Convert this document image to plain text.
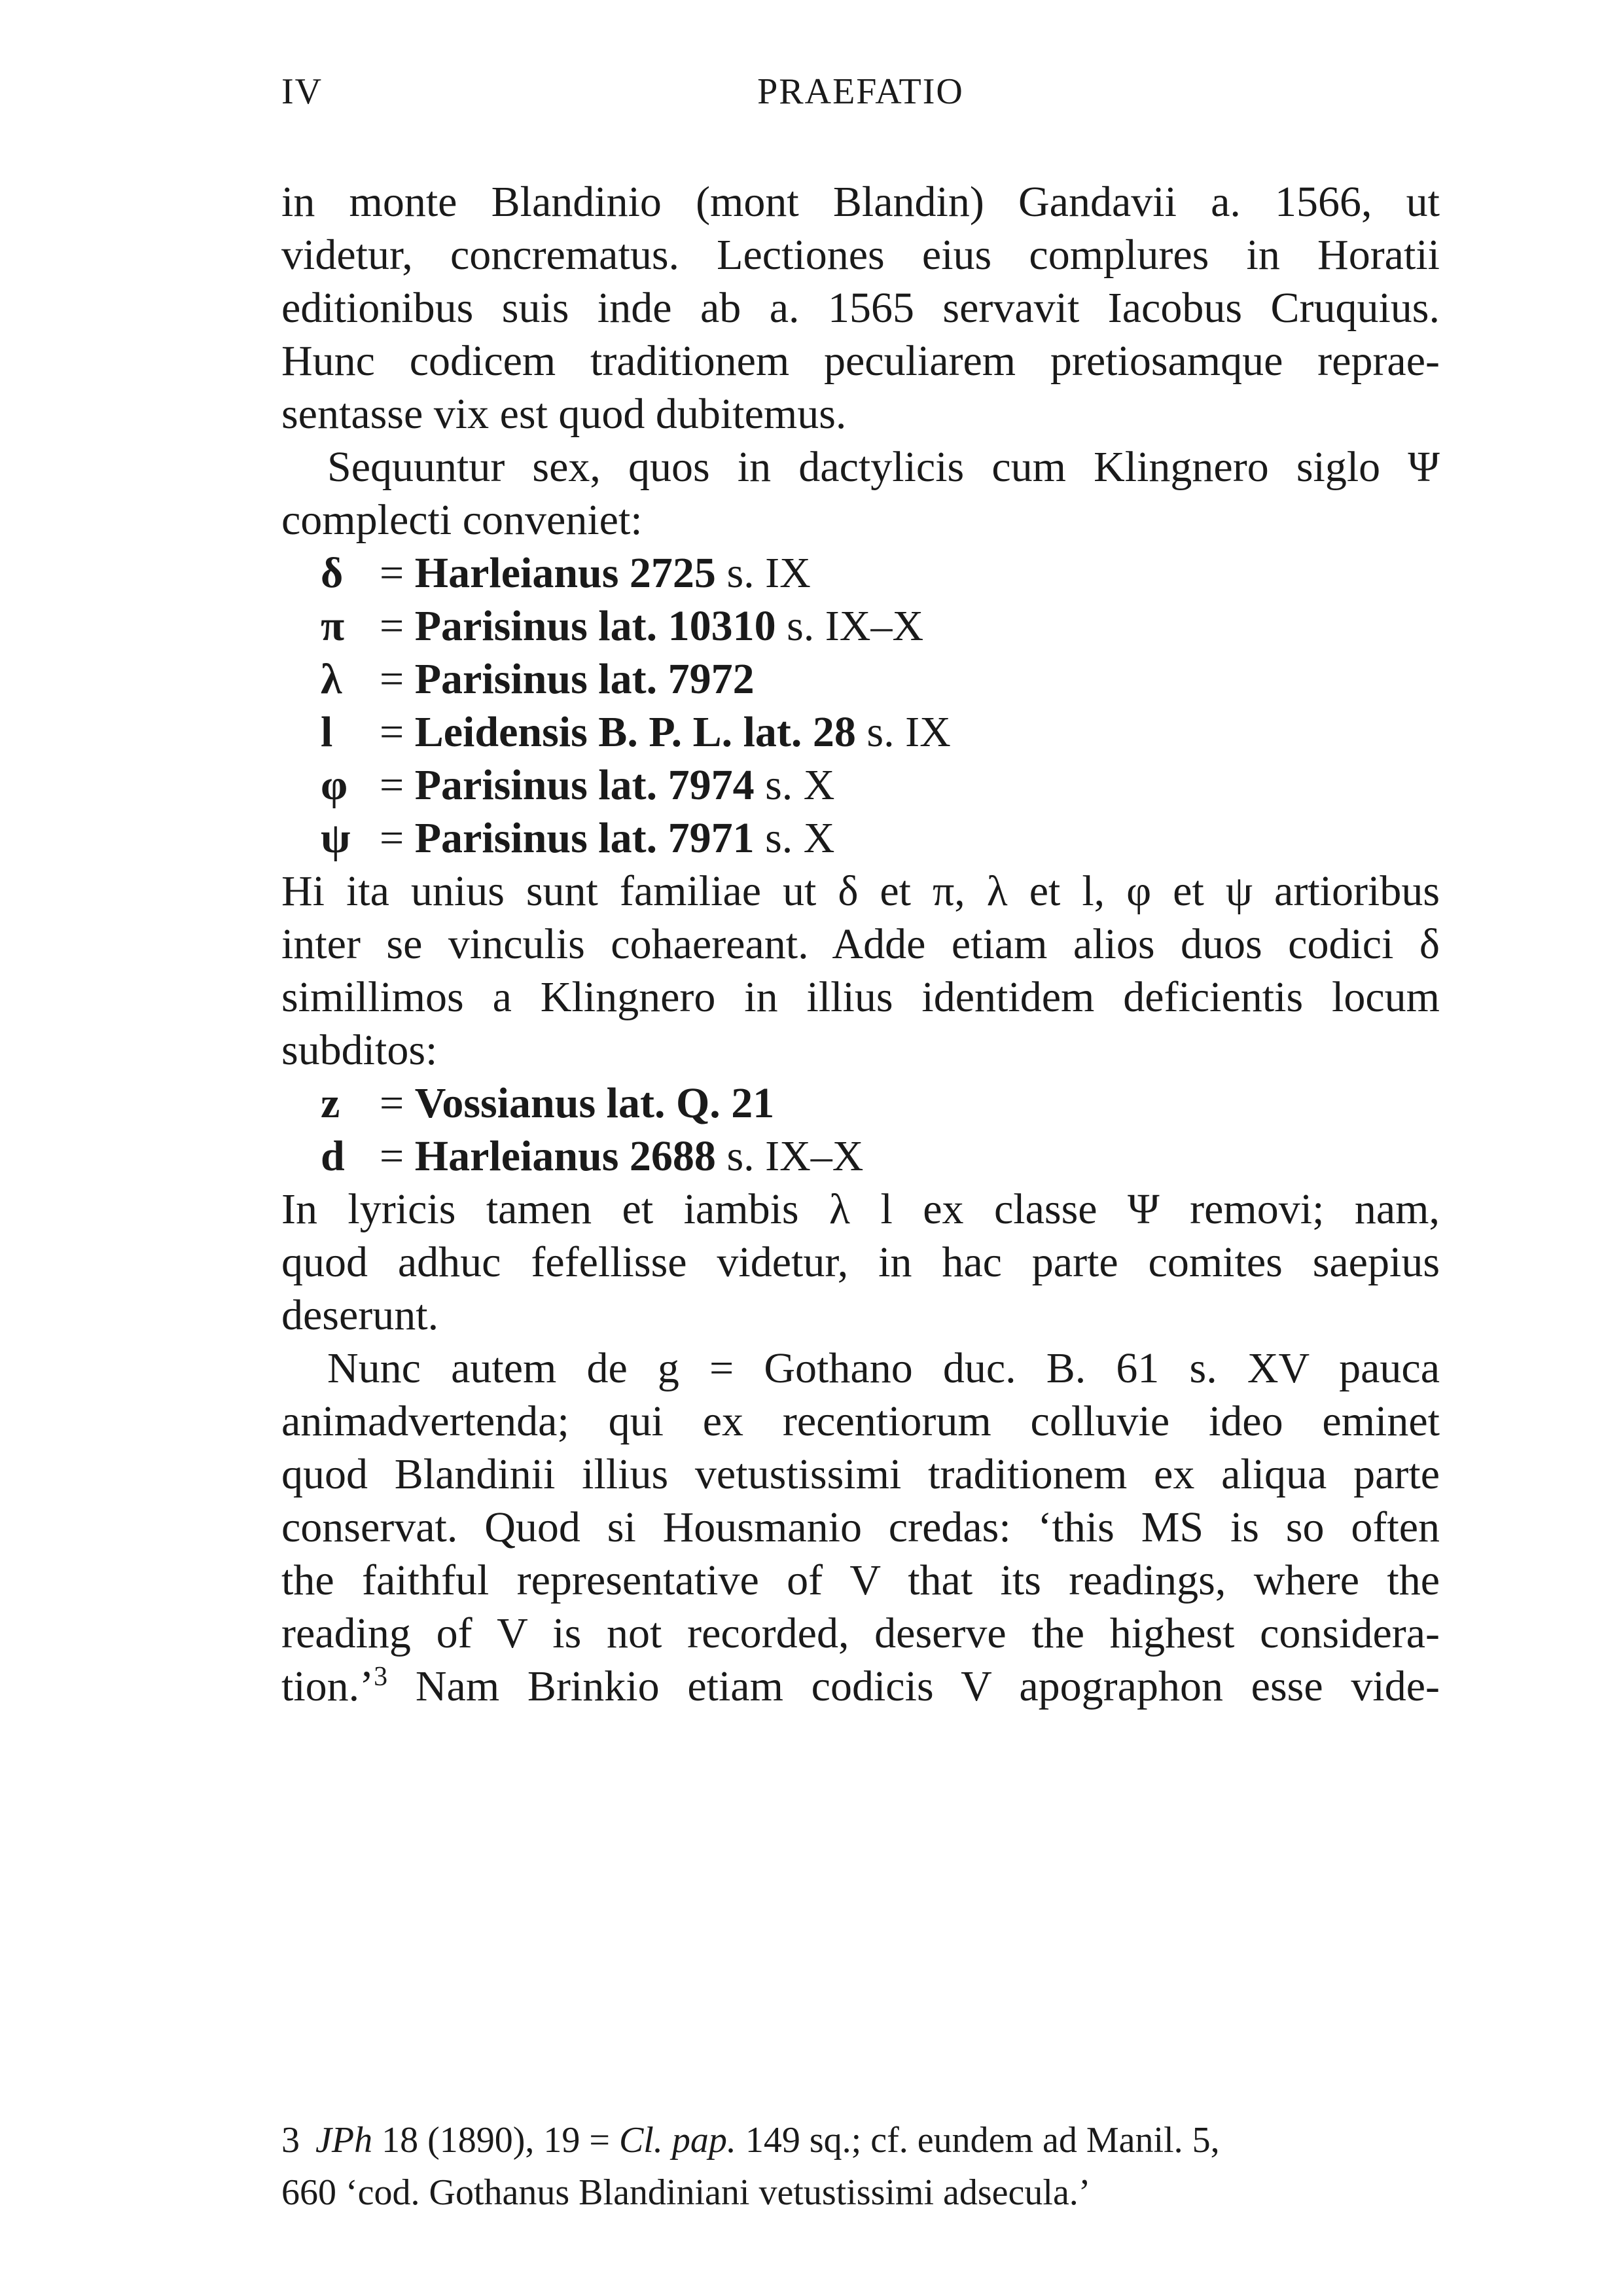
IV	PRAEFATIO
in monte Blandinio (mont Blandin) Gandavii a. 1566, ut
videtur, concrematus. Lectiones eius complures in Horatii
editionibus suis inde ab a. 1565 servavit Iacobus Cruquius.
Hunc codicem traditionem peculiarem pretiosamque reprae-
sentasse vix est quod dubitemus.
Sequuntur sex, quos in dactylicis cum Klingnero siglo Ψ
complecti conveniet:
δ = Harleianus 2725 s. IX
π = Parisinus lat. 10310 s. IX–X
λ = Parisinus lat. 7972
l = Leidensis B. P. L. lat. 28 s. IX
φ = Parisinus lat. 7974 s. X
ψ = Parisinus lat. 7971 s. X
Hi ita unius sunt familiae ut δ et π, λ et l, φ et ψ artioribus
inter se vinculis cohaereant. Adde etiam alios duos codici δ
simillimos a Klingnero in illius identidem deficientis locum
subditos:
z = Vossianus lat. Q. 21
d = Harleianus 2688 s. IX–X
In lyricis tamen et iambis λ l ex classe Ψ removi; nam,
quod adhuc fefellisse videtur, in hac parte comites saepius
deserunt.
Nunc autem de g = Gothano duc. B. 61 s. XV pauca
animadvertenda; qui ex recentiorum colluvie ideo eminet
quod Blandinii illius vetustissimi traditionem ex aliqua parte
conservat. Quod si Housmanio credas: ‘this MS is so often
the faithful representative of V that its readings, where the
reading of V is not recorded, deserve the highest considera-
tion.’$^3$ Nam Brinkio etiam codicis V apographon esse vide-
3 JPh 18 (1890), 19 = Cl. pap. 149 sq.; cf. eundem ad Manil. 5,
660 ‘cod. Gothanus Blandiniani vetustissimi adsecula.’
